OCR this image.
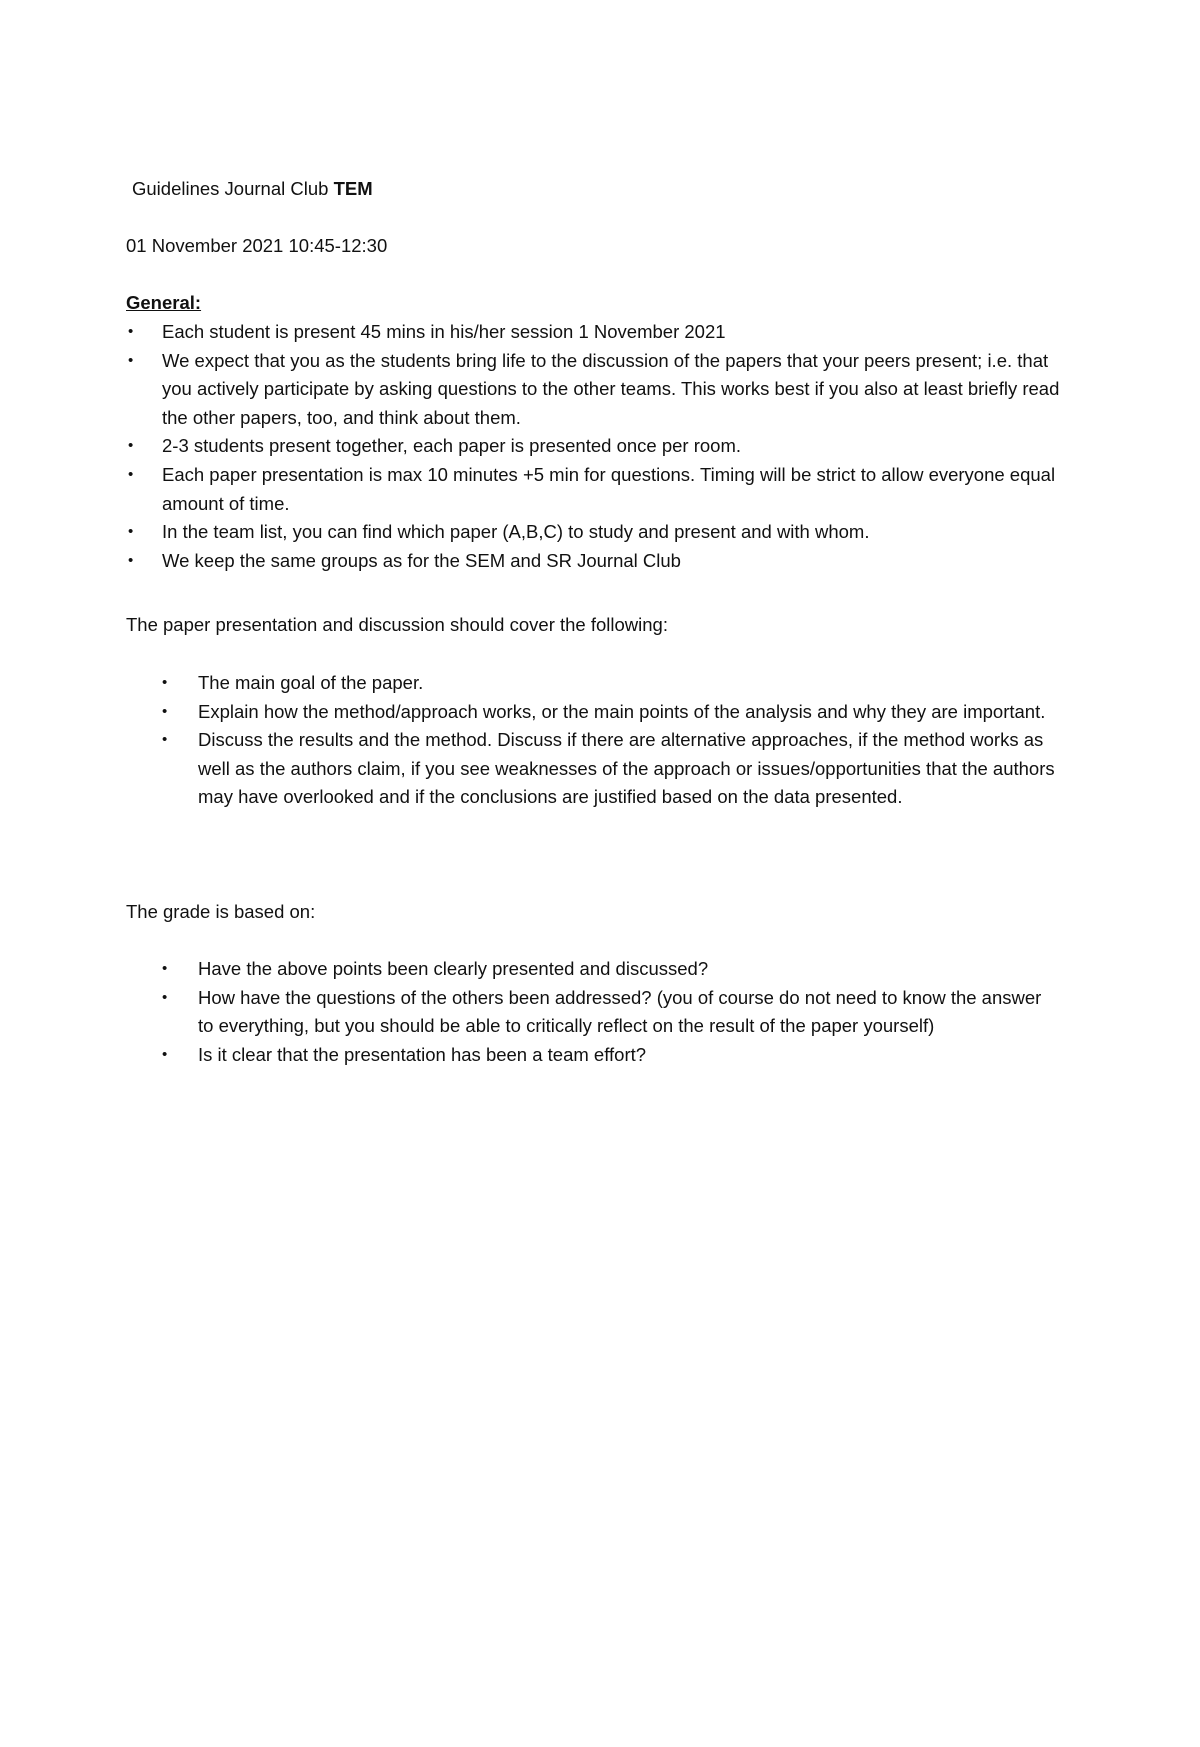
Guidelines Journal Club TEM
01 November 2021 10:45-12:30
General:
• Each student is present 45 mins in his/her session 1 November 2021
• We expect that you as the students bring life to the discussion of the papers that your peers present; i.e. that you actively participate by asking questions to the other teams. This works best if you also at least briefly read the other papers, too, and think about them.
• 2-3 students present together, each paper is presented once per room.
• Each paper presentation is max 10 minutes +5 min for questions. Timing will be strict to allow everyone equal amount of time.
• In the team list, you can find which paper (A,B,C) to study and present and with whom.
• We keep the same groups as for the SEM and SR Journal Club
The paper presentation and discussion should cover the following:
• The main goal of the paper.
• Explain how the method/approach works, or the main points of the analysis and why they are important.
• Discuss the results and the method. Discuss if there are alternative approaches, if the method works as well as the authors claim, if you see weaknesses of the approach or issues/opportunities that the authors may have overlooked and if the conclusions are justified based on the data presented.
The grade is based on:
• Have the above points been clearly presented and discussed?
• How have the questions of the others been addressed? (you of course do not need to know the answer to everything, but you should be able to critically reflect on the result of the paper yourself)
• Is it clear that the presentation has been a team effort?
